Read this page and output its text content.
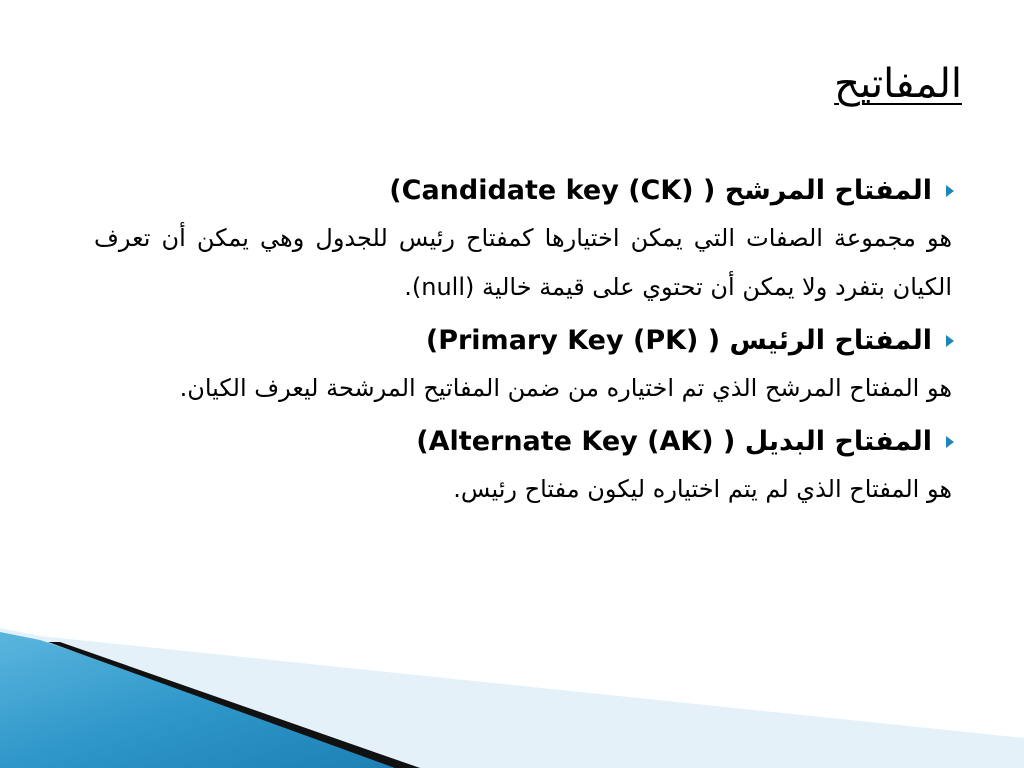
المفاتيح
المفتاح المرشح ( Candidate key (CK))

هو مجموعة الصفات التي يمكن اختيارها كمفتاح رئيس للجدول وهي يمكن أن تعرف الكيان بتفرد ولا يمكن أن تحتوي على قيمة خالية (null).

المفتاح الرئيس ( Primary Key (PK))

هو المفتاح المرشح الذي تم اختياره من ضمن المفاتيح المرشحة ليعرف الكيان.

المفتاح البديل ( Alternate Key (AK))

هو المفتاح الذي لم يتم اختياره ليكون مفتاح رئيس.
